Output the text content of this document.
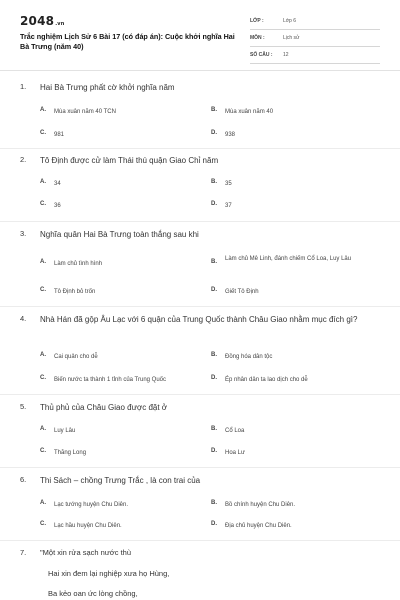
2048.vn
Trắc nghiệm Lịch Sử 6 Bài 17 (có đáp án): Cuộc khởi nghĩa Hai Bà Trưng (năm 40)
LỚP :	Lớp 6
MÔN :	Lịch sử
SỐ CÂU : 12
1. Hai Bà Trưng phất cờ khởi nghĩa năm
A. Mùa xuân năm 40 TCN	B. Mùa xuân năm 40
C. 981	D. 938
2. Tô Định được cử làm Thái thú quận Giao Chỉ năm
A. 34	B. 35
C. 36	D. 37
3. Nghĩa quân Hai Bà Trưng toàn thắng sau khi
A. Làm chủ tình hình	B. Làm chủ Mê Linh, đánh chiếm Cổ Loa, Luy Lâu
C. Tô Định bỏ trốn	D. Giết Tô Định
4. Nhà Hán đã gộp Âu Lạc với 6 quận của Trung Quốc thành Châu Giao nhằm mục đích gì?
A. Cai quản cho dễ	B. Đồng hóa dân tộc
C. Biến nước ta thành 1 tỉnh của Trung Quốc	D. Ép nhân dân ta lao dịch cho dễ
5. Thủ phủ của Châu Giao được đặt ở
A. Luy Lâu	B. Cổ Loa
C. Thăng Long	D. Hoa Lư
6. Thi Sách – chồng Trưng Trắc , là con trai của
A. Lạc tướng huyện Chu Diên.	B. Bồ chính huyện Chu Diên.
C. Lạc hầu huyện Chu Diên.	D. Địa chủ huyện Chu Diên.
7. "Một xin rửa sạch nước thù
Hai xin đem lại nghiệp xưa họ Hùng,
Ba kẻo oan ức lòng chồng,
